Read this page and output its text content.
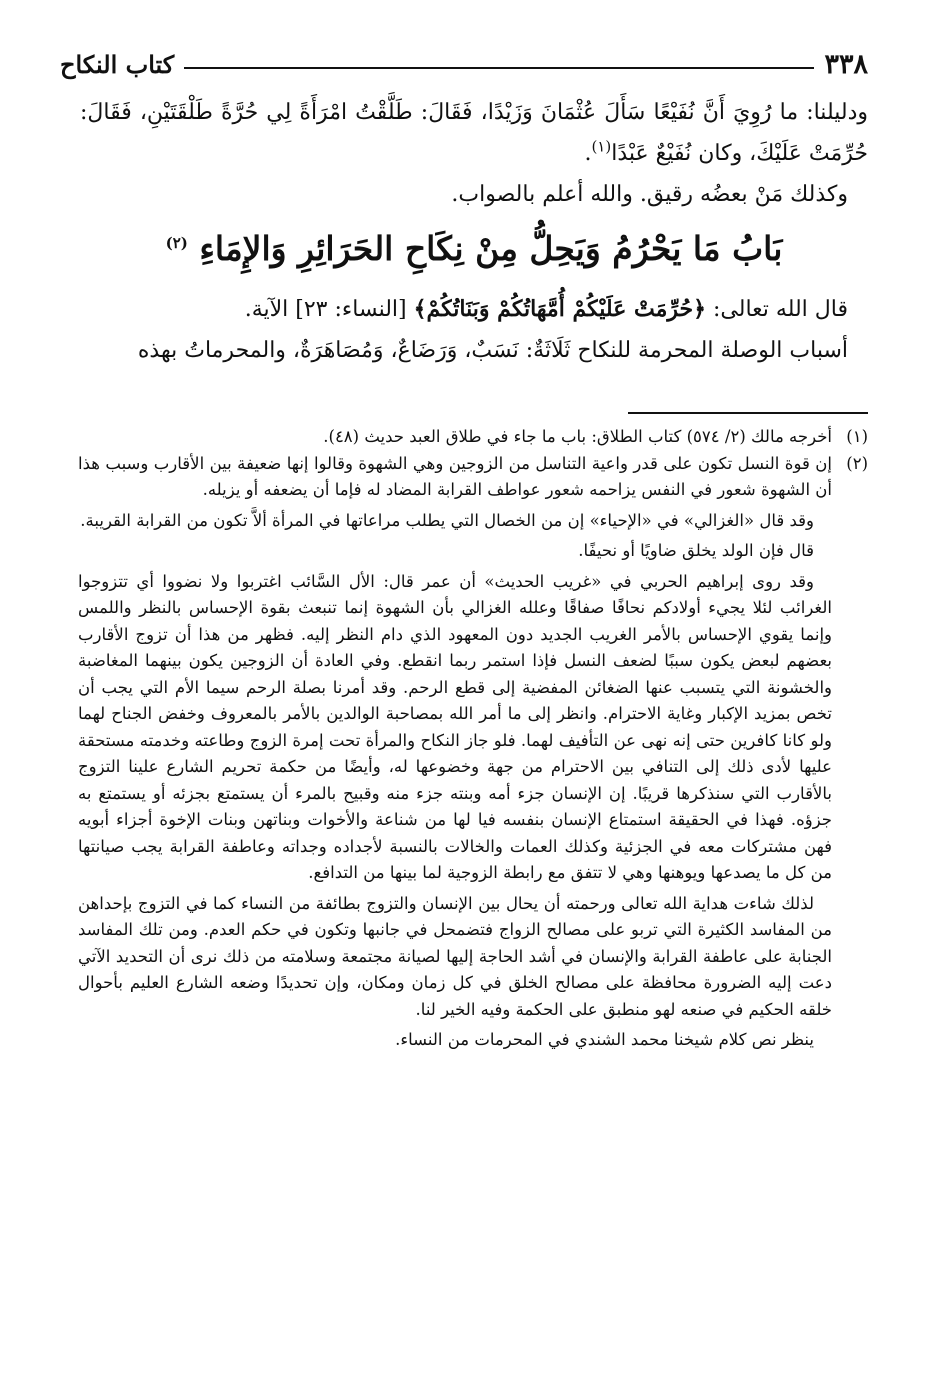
٣٣٨
كتاب النكاح

ودليلنا: ما رُوِيَ أَنَّ نُفَيْعًا سَأَلَ عُثْمَانَ وَزَيْدًا، فَقَالَ: طَلَّقْتُ امْرَأَةً لِي حُرَّةً طَلْقَتَيْنِ، فَقَالَ: حُرِّمَتْ عَلَيْكَ، وكان نُفَيْعٌ عَبْدًا$^{(١)}$.

وكذلك مَنْ بعضُه رقيق. والله أعلم بالصواب.

بَابُ مَا يَحْرُمُ وَيَحِلُّ مِنْ نِكَاحِ الحَرَائِرِ وَالإِمَاءِ $^{(٢)}$

قال الله تعالى: ﴿حُرِّمَتْ عَلَيْكُمْ أُمَّهَاتُكُمْ وَبَنَاتُكُمْ﴾ [النساء: ٢٣] الآية.

أسباب الوصلة المحرمة للنكاح ثَلَاثَةٌ: نَسَبٌ، وَرَضَاعٌ، وَمُصَاهَرَةٌ، والمحرماتُ بهذه

(١)
أخرجه مالك (٢/ ٥٧٤) كتاب الطلاق: باب ما جاء في طلاق العبد حديث (٤٨).
(٢)

إن قوة النسل تكون على قدر واعية التناسل من الزوجين وهي الشهوة وقالوا إنها ضعيفة بين الأقارب وسبب هذا أن الشهوة شعور في النفس يزاحمه شعور عواطف القرابة المضاد له فإما أن يضعفه أو يزيله.

وقد قال «الغزالي» في «الإحياء» إن من الخصال التي يطلب مراعاتها في المرأة ألاَّ تكون من القرابة القريبة.

قال فإن الولد يخلق ضاويًا أو نحيفًا.

وقد روى إبراهيم الحربي في «غريب الحديث» أن عمر قال: الأل السَّائب اغتربوا ولا نضووا أي تتزوجوا الغرائب لئلا يجيء أولادكم نحافًا صفاقًا وعلله الغزالي بأن الشهوة إنما تنبعث بقوة الإحساس بالنظر واللمس وإنما يقوي الإحساس بالأمر الغريب الجديد دون المعهود الذي دام النظر إليه. فظهر من هذا أن تزوج الأقارب بعضهم لبعض يكون سببًا لضعف النسل فإذا استمر ربما انقطع. وفي العادة أن الزوجين يكون بينهما المغاضبة والخشونة التي يتسبب عنها الضغائن المفضية إلى قطع الرحم. وقد أمرنا بصلة الرحم سيما الأم التي يجب أن تخص بمزيد الإكبار وغاية الاحترام. وانظر إلى ما أمر الله بمصاحبة الوالدين بالأمر بالمعروف وخفض الجناح لهما ولو كانا كافرين حتى إنه نهى عن التأفيف لهما. فلو جاز النكاح والمرأة تحت إمرة الزوج وطاعته وخدمته مستحقة عليها لأدى ذلك إلى التنافي بين الاحترام من جهة وخضوعها له، وأيضًا من حكمة تحريم الشارع علينا التزوج بالأقارب التي سنذكرها قريبًا. إن الإنسان جزء أمه وبنته جزء منه وقبيح بالمرء أن يستمتع بجزئه أو يستمتع به جزؤه. فهذا في الحقيقة استمتاع الإنسان بنفسه فيا لها من شناعة والأخوات وبناتهن وبنات الإخوة أجزاء أبويه فهن مشتركات معه في الجزئية وكذلك العمات والخالات بالنسبة لأجداده وجداته وعاطفة القرابة يجب صيانتها من كل ما يصدعها ويوهنها وهي لا تتفق مع رابطة الزوجية لما بينها من التدافع.

لذلك شاءت هداية الله تعالى ورحمته أن يحال بين الإنسان والتزوج بطائفة من النساء كما في التزوج بإحداهن من المفاسد الكثيرة التي تربو على مصالح الزواج فتضمحل في جانبها وتكون في حكم العدم. ومن تلك المفاسد الجنابة على عاطفة القرابة والإنسان في أشد الحاجة إليها لصيانة مجتمعة وسلامته من ذلك نرى أن التحديد الآتي دعت إليه الضرورة محافظة على مصالح الخلق في كل زمان ومكان، وإن تحديدًا وضعه الشارع العليم بأحوال خلقه الحكيم في صنعه لهو منطبق على الحكمة وفيه الخير لنا.

ينظر نص كلام شيخنا محمد الشندي في المحرمات من النساء.
